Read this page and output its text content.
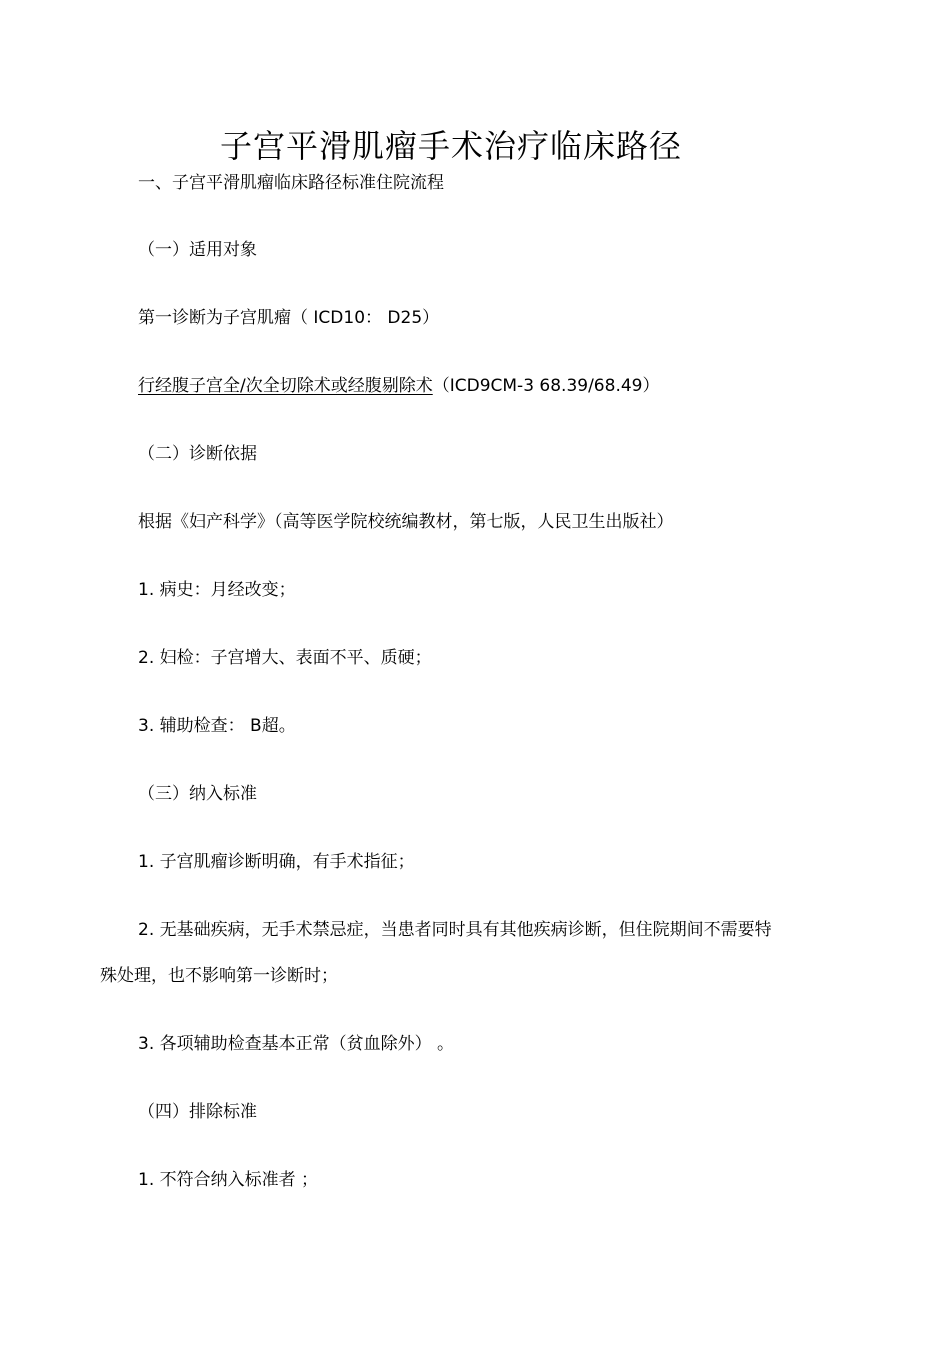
子宫平滑肌瘤手术治疗临床路径
一、子宫平滑肌瘤临床路径标准住院流程
（一）适用对象
第一诊断为子宫肌瘤（ ICD10： D25）
行经腹子宫全/次全切除术或经腹剔除术（ICD9CM-3 68.39/68.49）
（二）诊断依据
根据《妇产科学》（高等医学院校统编教材，第七版，人民卫生出版社）
1. 病史：月经改变；
2. 妇检：子宫增大、表面不平、质硬；
3. 辅助检查： B超。
（三）纳入标准
1. 子宫肌瘤诊断明确，有手术指征；
2. 无基础疾病，无手术禁忌症，当患者同时具有其他疾病诊断，但住院期间不需要特
殊处理，也不影响第一诊断时；
3. 各项辅助检查基本正常（贫血除外） 。
（四）排除标准
1. 不符合纳入标准者 ；
